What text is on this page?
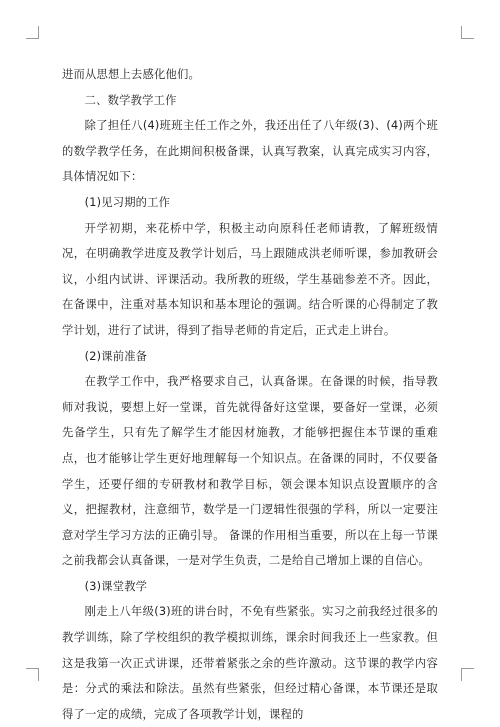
进而从思想上去感化他们。

二、数学教学工作

除了担任八(4)班班主任工作之外，我还出任了八年级(3)、(4)两个班的数学教学任务，在此期间积极备课，认真写教案，认真完成实习内容，具体情况如下：

(1)见习期的工作

开学初期，来花桥中学，积极主动向原科任老师请教，了解班级情况，在明确教学进度及教学计划后，马上跟随成洪老师听课，参加教研会议，小组内试讲、评课活动。我所教的班级，学生基础参差不齐。因此，在备课中，注重对基本知识和基本理论的强调。结合听课的心得制定了教学计划，进行了试讲，得到了指导老师的肯定后，正式走上讲台。

(2)课前准备

在教学工作中，我严格要求自己，认真备课。在备课的时候，指导教师对我说，要想上好一堂课，首先就得备好这堂课，要备好一堂课，必须先备学生，只有先了解学生才能因材施教，才能够把握住本节课的重难点，也才能够让学生更好地理解每一个知识点。在备课的同时，不仅要备学生，还要仔细的专研教材和教学目标，领会课本知识点设置顺序的含义，把握教材，注意细节，数学是一门逻辑性很强的学科，所以一定要注意对学生学习方法的正确引导。 备课的作用相当重要，所以在上每一节课之前我都会认真备课，一是对学生负责，二是给自己增加上课的自信心。

(3)课堂教学

刚走上八年级(3)班的讲台时，不免有些紧张。实习之前我经过很多的教学训练，除了学校组织的教学模拟训练，课余时间我还上一些家教。但这是我第一次正式讲课，还带着紧张之余的些许激动。这节课的教学内容是：分式的乘法和除法。虽然有些紧张，但经过精心备课，本节课还是取得了一定的成绩，完成了各项教学计划，课程的
